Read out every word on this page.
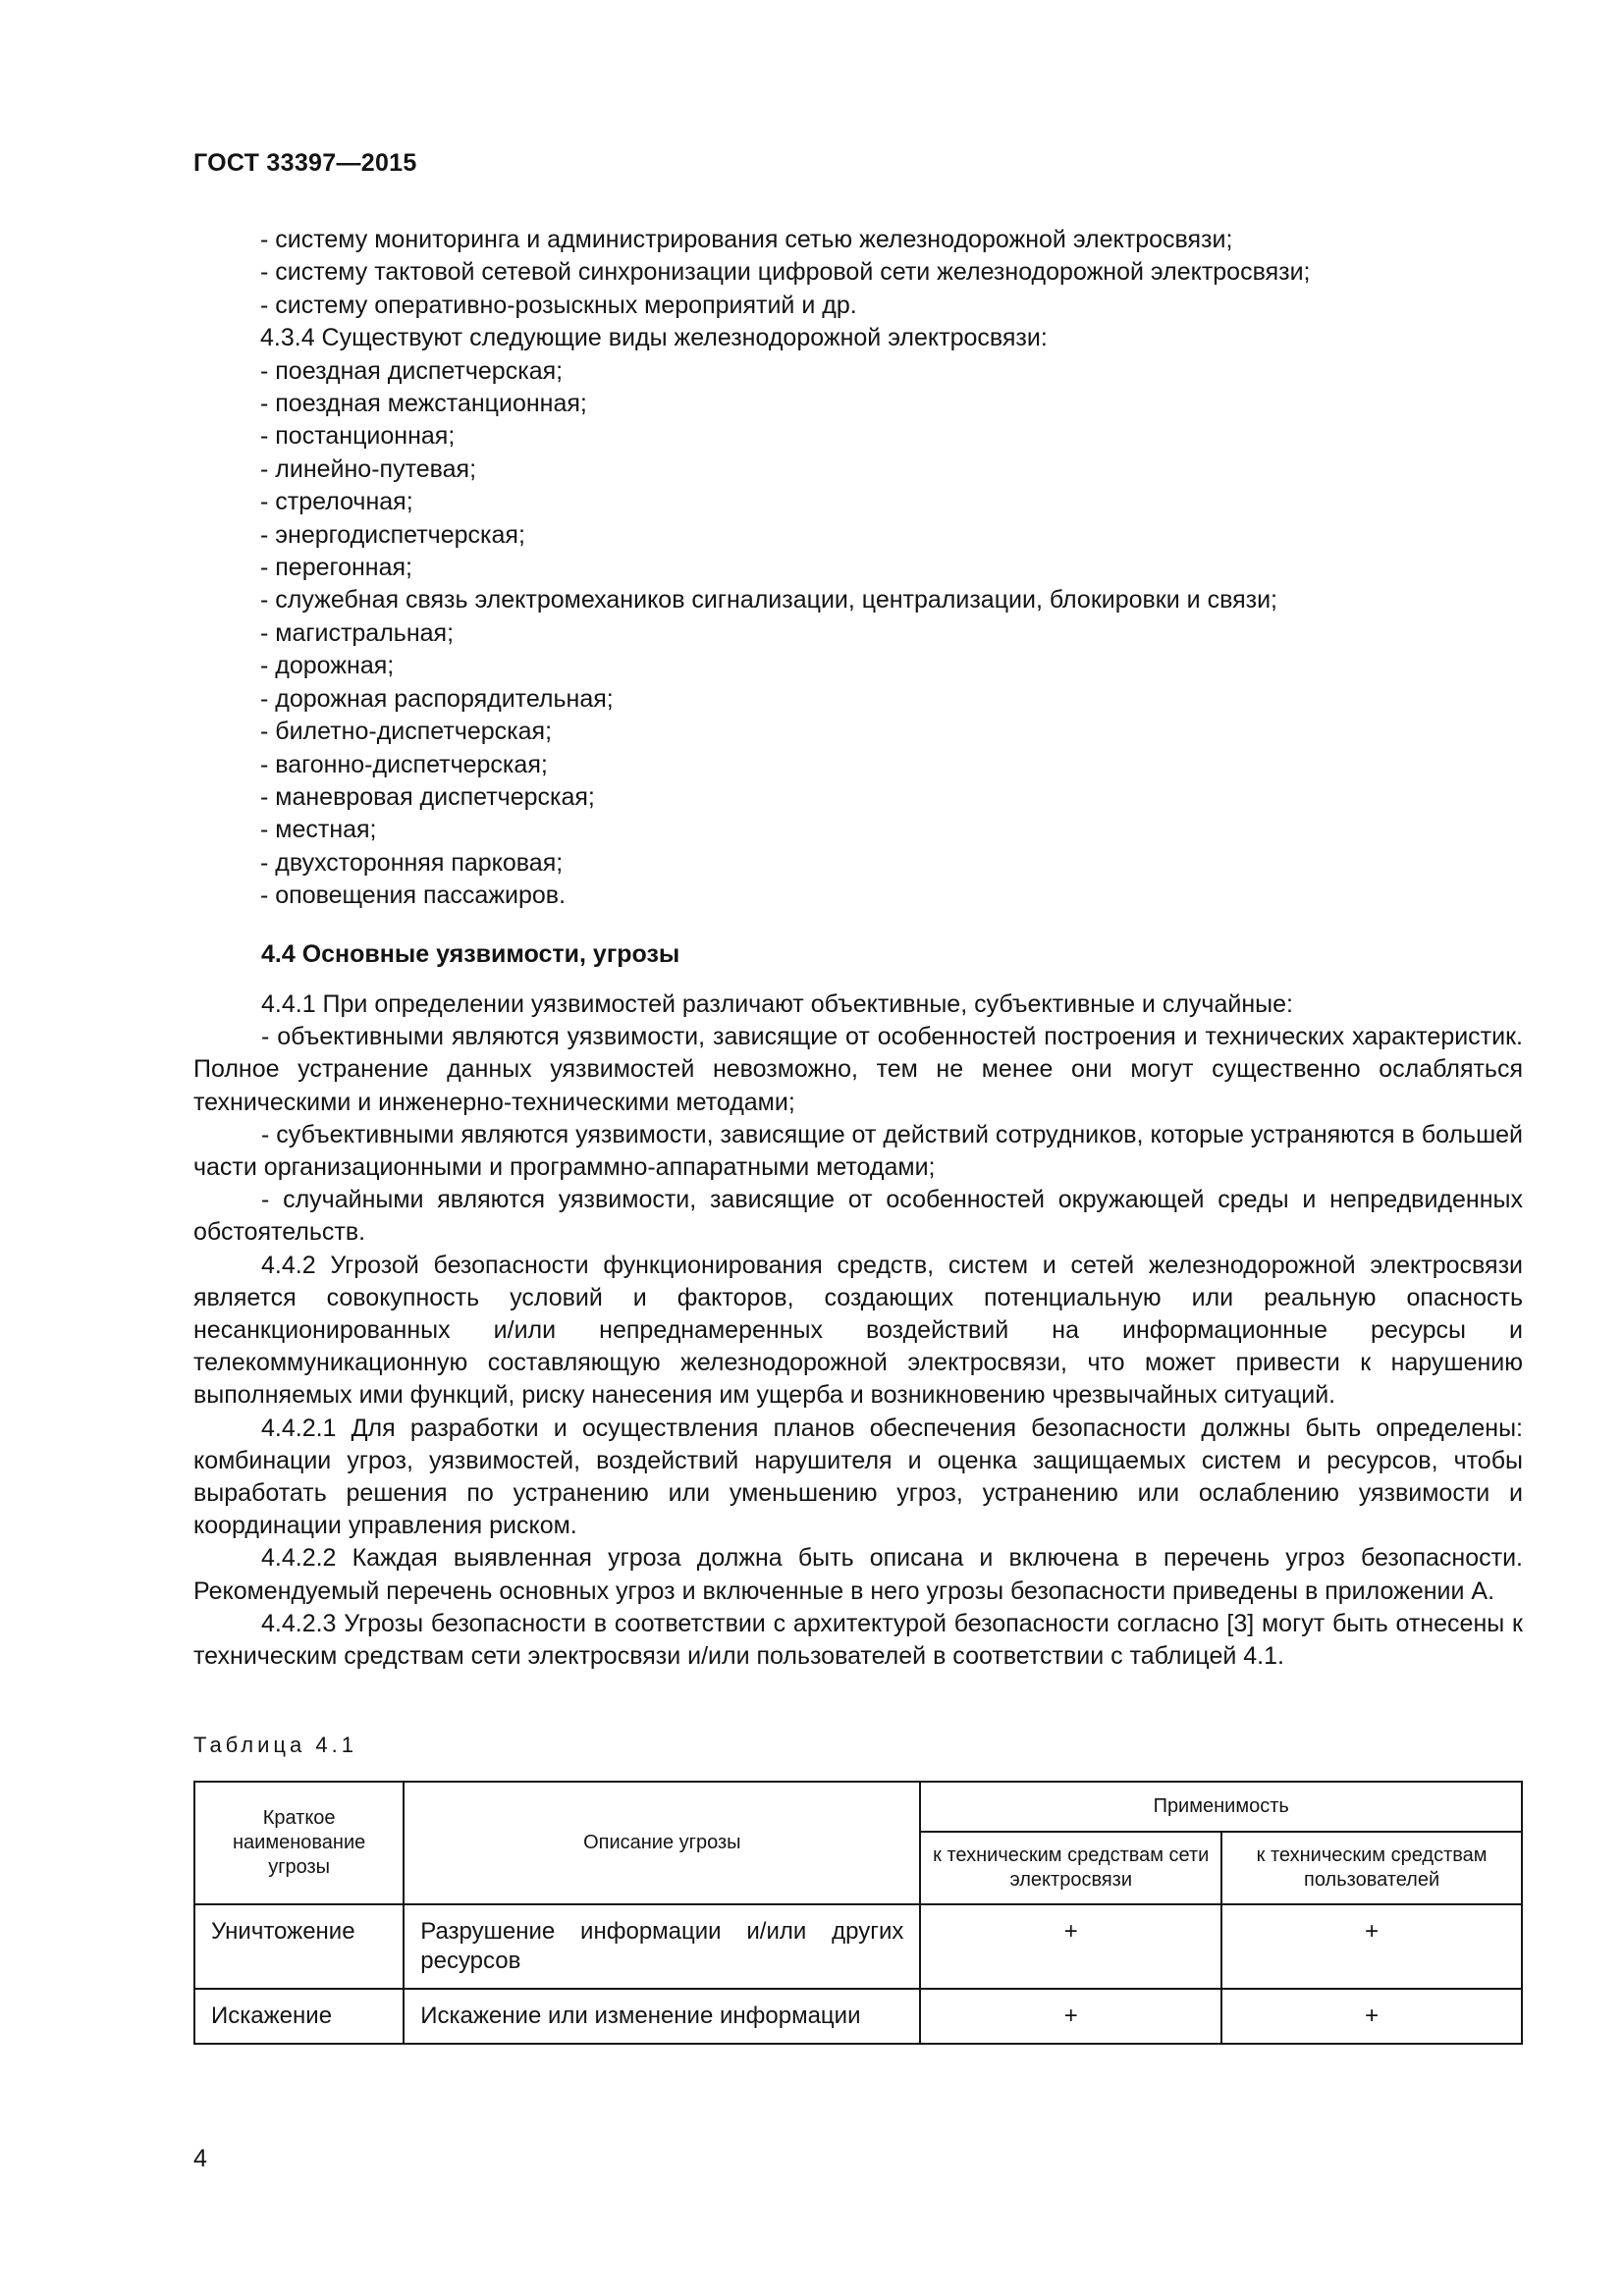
ГОСТ 33397—2015
- систему мониторинга и администрирования сетью железнодорожной электросвязи;
- систему тактовой сетевой синхронизации цифровой сети железнодорожной электросвязи;
- систему оперативно-розыскных мероприятий и др.
4.3.4 Существуют следующие виды железнодорожной электросвязи:
- поездная диспетчерская;
- поездная межстанционная;
- постанционная;
- линейно-путевая;
- стрелочная;
- энергодиспетчерская;
- перегонная;
- служебная связь электромехаников сигнализации, централизации, блокировки и связи;
- магистральная;
- дорожная;
- дорожная распорядительная;
- билетно-диспетчерская;
- вагонно-диспетчерская;
- маневровая диспетчерская;
- местная;
- двухсторонняя парковая;
- оповещения пассажиров.
4.4 Основные уязвимости, угрозы

4.4.1 При определении уязвимостей различают объективные, субъективные и случайные:

- объективными являются уязвимости, зависящие от особенностей построения и технических характеристик. Полное устранение данных уязвимостей невозможно, тем не менее они могут существенно ослабляться техническими и инженерно-техническими методами;

- субъективными являются уязвимости, зависящие от действий сотрудников, которые устраняются в большей части организационными и программно-аппаратными методами;

- случайными являются уязвимости, зависящие от особенностей окружающей среды и непредвиденных обстоятельств.

4.4.2 Угрозой безопасности функционирования средств, систем и сетей железнодорожной электросвязи является совокупность условий и факторов, создающих потенциальную или реальную опасность несанкционированных и/или непреднамеренных воздействий на информационные ресурсы и телекоммуникационную составляющую железнодорожной электросвязи, что может привести к нарушению выполняемых ими функций, риску нанесения им ущерба и возникновению чрезвычайных ситуаций.

4.4.2.1 Для разработки и осуществления планов обеспечения безопасности должны быть определены: комбинации угроз, уязвимостей, воздействий нарушителя и оценка защищаемых систем и ресурсов, чтобы выработать решения по устранению или уменьшению угроз, устранению или ослаблению уязвимости и координации управления риском.

4.4.2.2 Каждая выявленная угроза должна быть описана и включена в перечень угроз безопасности. Рекомендуемый перечень основных угроз и включенные в него угрозы безопасности приведены в приложении А.

4.4.2.3 Угрозы безопасности в соответствии с архитектурой безопасности согласно [3] могут быть отнесены к техническим средствам сети электросвязи и/или пользователей в соответствии с таблицей 4.1.

Таблица 4.1
Краткое наименование угрозы	Описание угрозы	Применимость	
		к техническим средствам сети электросвязи	к техническим средствам пользователей
Уничтожение	Разрушение информации и/или других ресурсов	+	+
Искажение	Искажение или изменение информации	+	+
4
